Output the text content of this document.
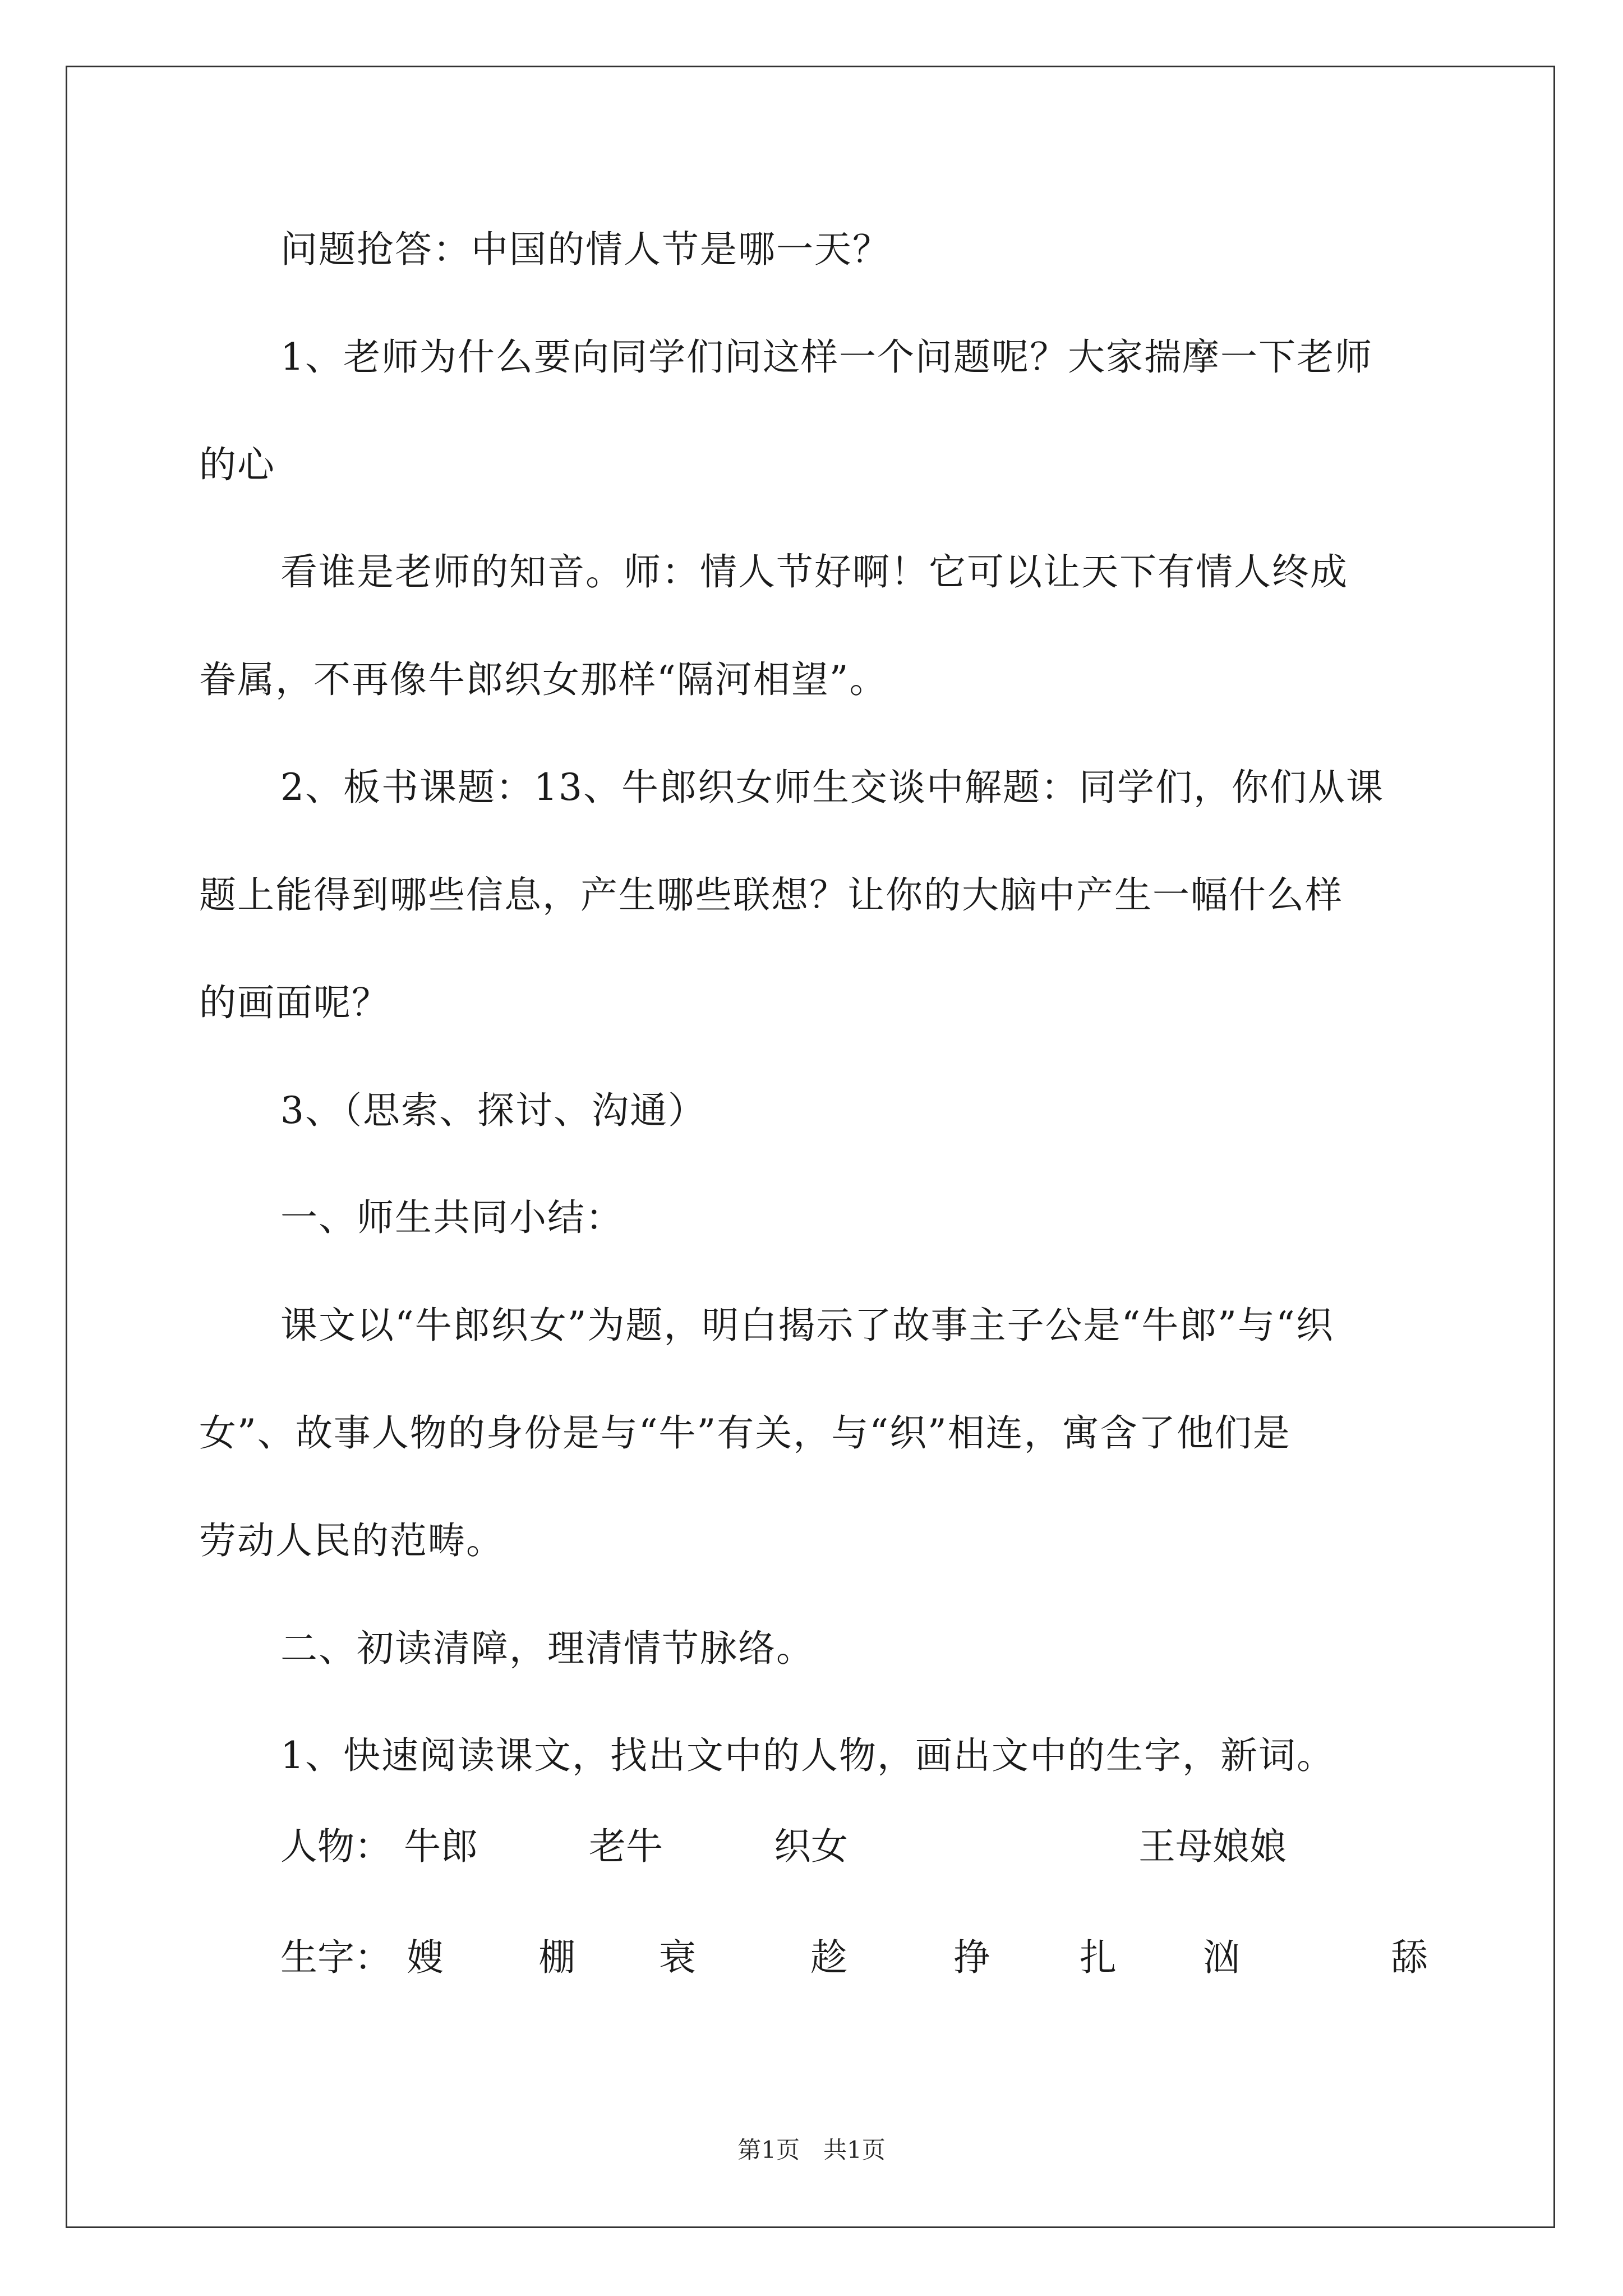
问题抢答：中国的情人节是哪一天？
1、老师为什么要向同学们问这样一个问题呢？大家揣摩一下老师
的心
看谁是老师的知音。师：情人节好啊！它可以让天下有情人终成
眷属，不再像牛郎织女那样“隔河相望”。
2、板书课题：13、牛郎织女师生交谈中解题：同学们，你们从课
题上能得到哪些信息，产生哪些联想？让你的大脑中产生一幅什么样
的画面呢？
3、（思索、探讨、沟通）
一、师生共同小结：
课文以“牛郎织女”为题，明白揭示了故事主子公是“牛郎”与“织
女”、故事人物的身份是与“牛”有关，与“织”相连，寓含了他们是
劳动人民的范畴。
二、初读清障，理清情节脉络。
1、快速阅读课文，找出文中的人物，画出文中的生字，新词。
人物： 牛郎	老牛	织女	王母娘娘
生字： 嫂	棚 衰	趁	挣 扎 汹	舔
第1页　共1页
